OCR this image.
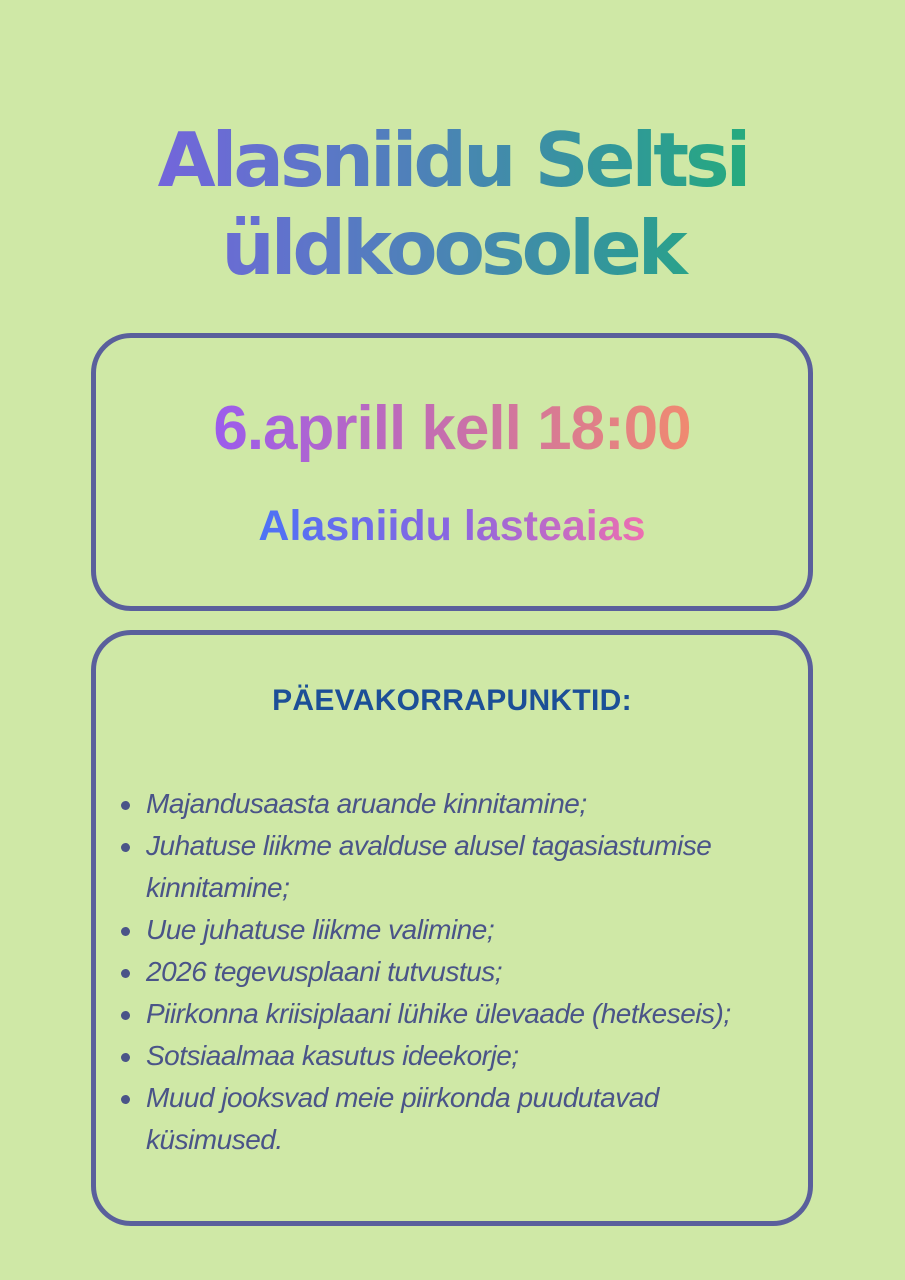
Alasniidu Seltsi
üldkoosolek

6.aprill kell 18:00

Alasniidu lasteaias

PÄEVAKORRAPUNKTID:
Majandusaasta aruande kinnitamine;
Juhatuse liikme avalduse alusel tagasiastumise kinnitamine;
Uue juhatuse liikme valimine;
2026 tegevusplaani tutvustus;
Piirkonna kriisiplaani lühike ülevaade (hetkeseis);
Sotsiaalmaa kasutus ideekorje;
Muud jooksvad meie piirkonda puudutavad küsimused.
